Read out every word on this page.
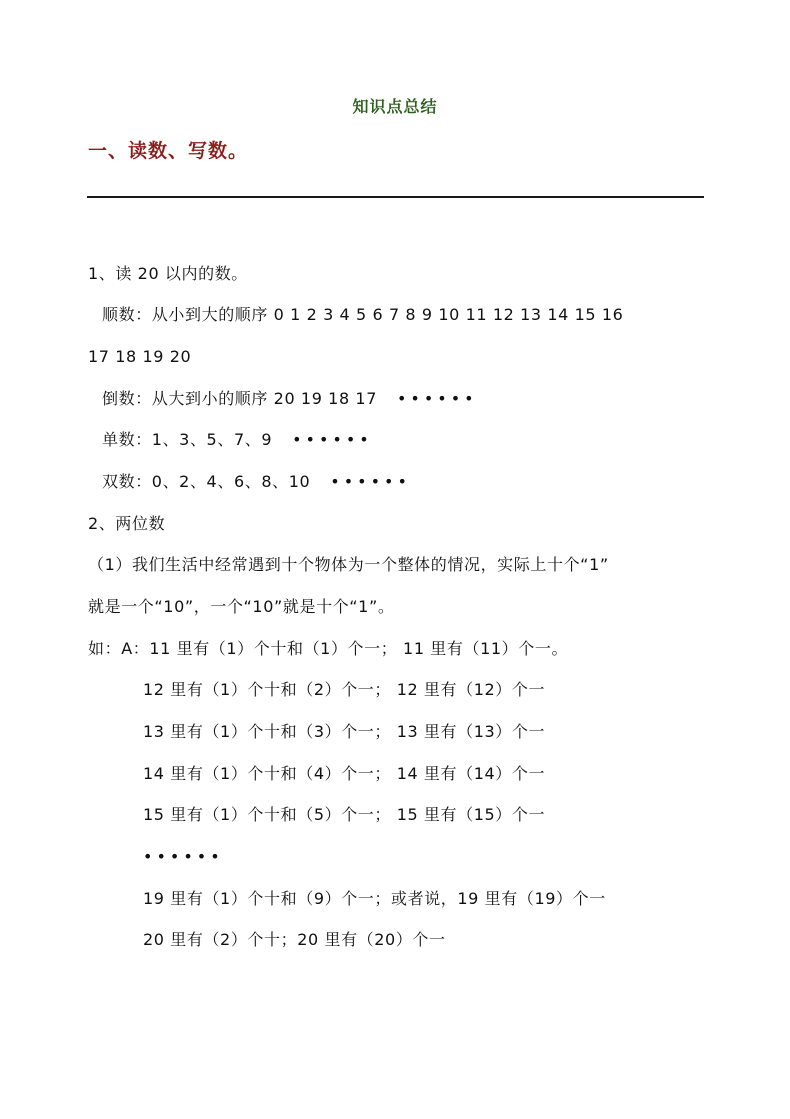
知识点总结
一、读数、写数。
1、读 20 以内的数。
顺数：从小到大的顺序 0 1 2 3 4 5 6 7 8 9 10 11 12 13 14 15 16
17 18 19 20
倒数：从大到小的顺序 20 19 18 17 ••••••
单数：1、3、5、7、9 ••••••
双数：0、2、4、6、8、10 ••••••
2、两位数
（1）我们生活中经常遇到十个物体为一个整体的情况，实际上十个“1”
就是一个“10”，一个“10”就是十个“1”。
如：A：11 里有（1）个十和（1）个一； 11 里有（11）个一。
12 里有（1）个十和（2）个一； 12 里有（12）个一
13 里有（1）个十和（3）个一； 13 里有（13）个一
14 里有（1）个十和（4）个一； 14 里有（14）个一
15 里有（1）个十和（5）个一； 15 里有（15）个一
••••••
19 里有（1）个十和（9）个一；或者说，19 里有（19）个一
20 里有（2）个十；20 里有（20）个一
